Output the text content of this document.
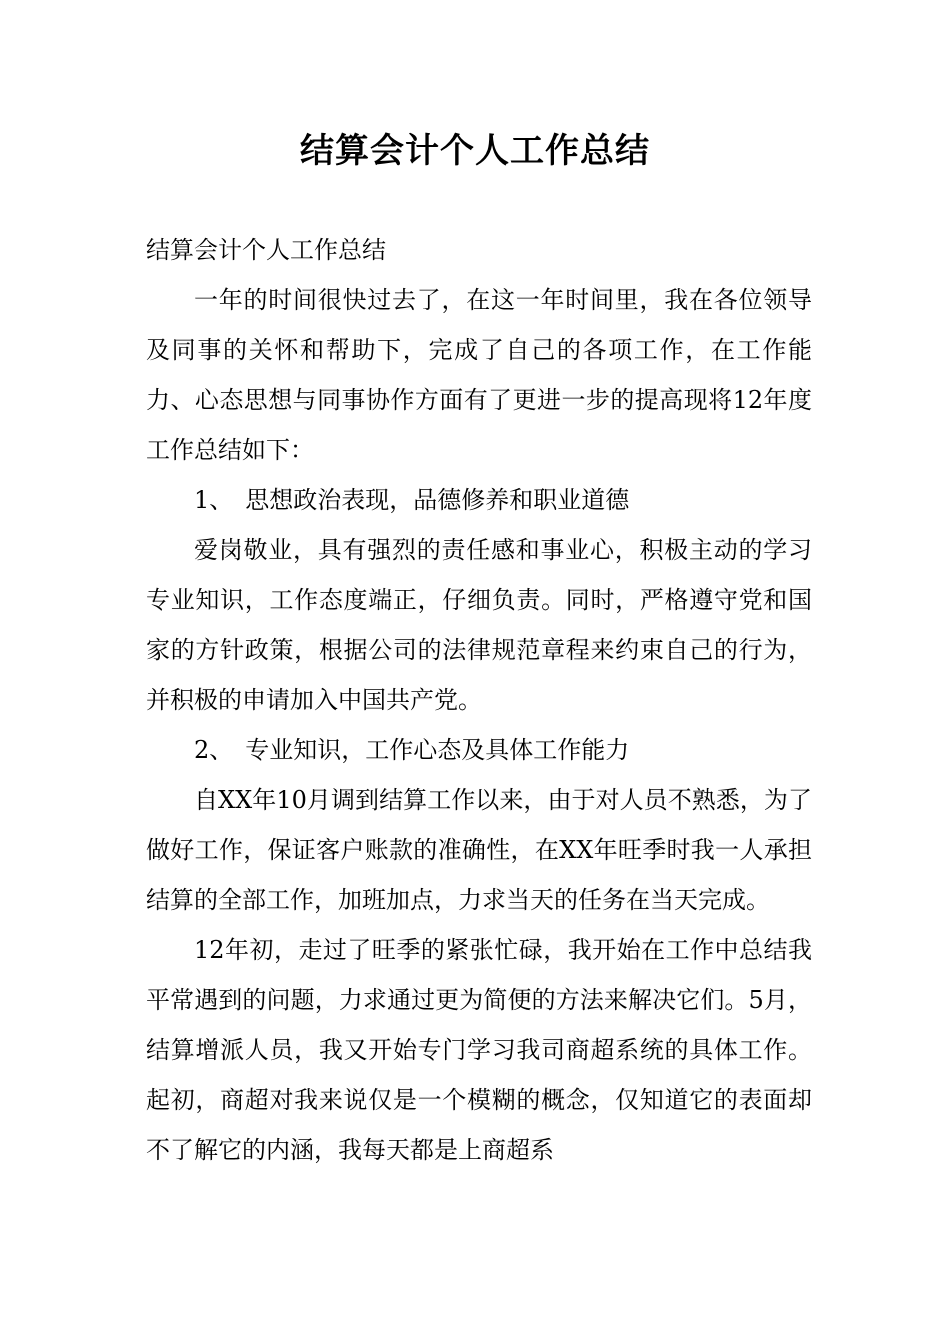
结算会计个人工作总结

结算会计个人工作总结

一年的时间很快过去了，在这一年时间里，我在各位领导及同事的关怀和帮助下，完成了自己的各项工作，在工作能力、心态思想与同事协作方面有了更进一步的提高现将12年度工作总结如下：

1、　思想政治表现，品德修养和职业道德

爱岗敬业，具有强烈的责任感和事业心，积极主动的学习专业知识，工作态度端正，仔细负责。同时，严格遵守党和国家的方针政策，根据公司的法律规范章程来约束自己的行为，并积极的申请加入中国共产党。

2、　专业知识，工作心态及具体工作能力

自XX年10月调到结算工作以来，由于对人员不熟悉，为了做好工作，保证客户账款的准确性，在XX年旺季时我一人承担结算的全部工作，加班加点，力求当天的任务在当天完成。

12年初，走过了旺季的紧张忙碌，我开始在工作中总结我平常遇到的问题，力求通过更为简便的方法来解决它们。5月，结算增派人员，我又开始专门学习我司商超系统的具体工作。起初，商超对我来说仅是一个模糊的概念，仅知道它的表面却不了解它的内涵，我每天都是上商超系
